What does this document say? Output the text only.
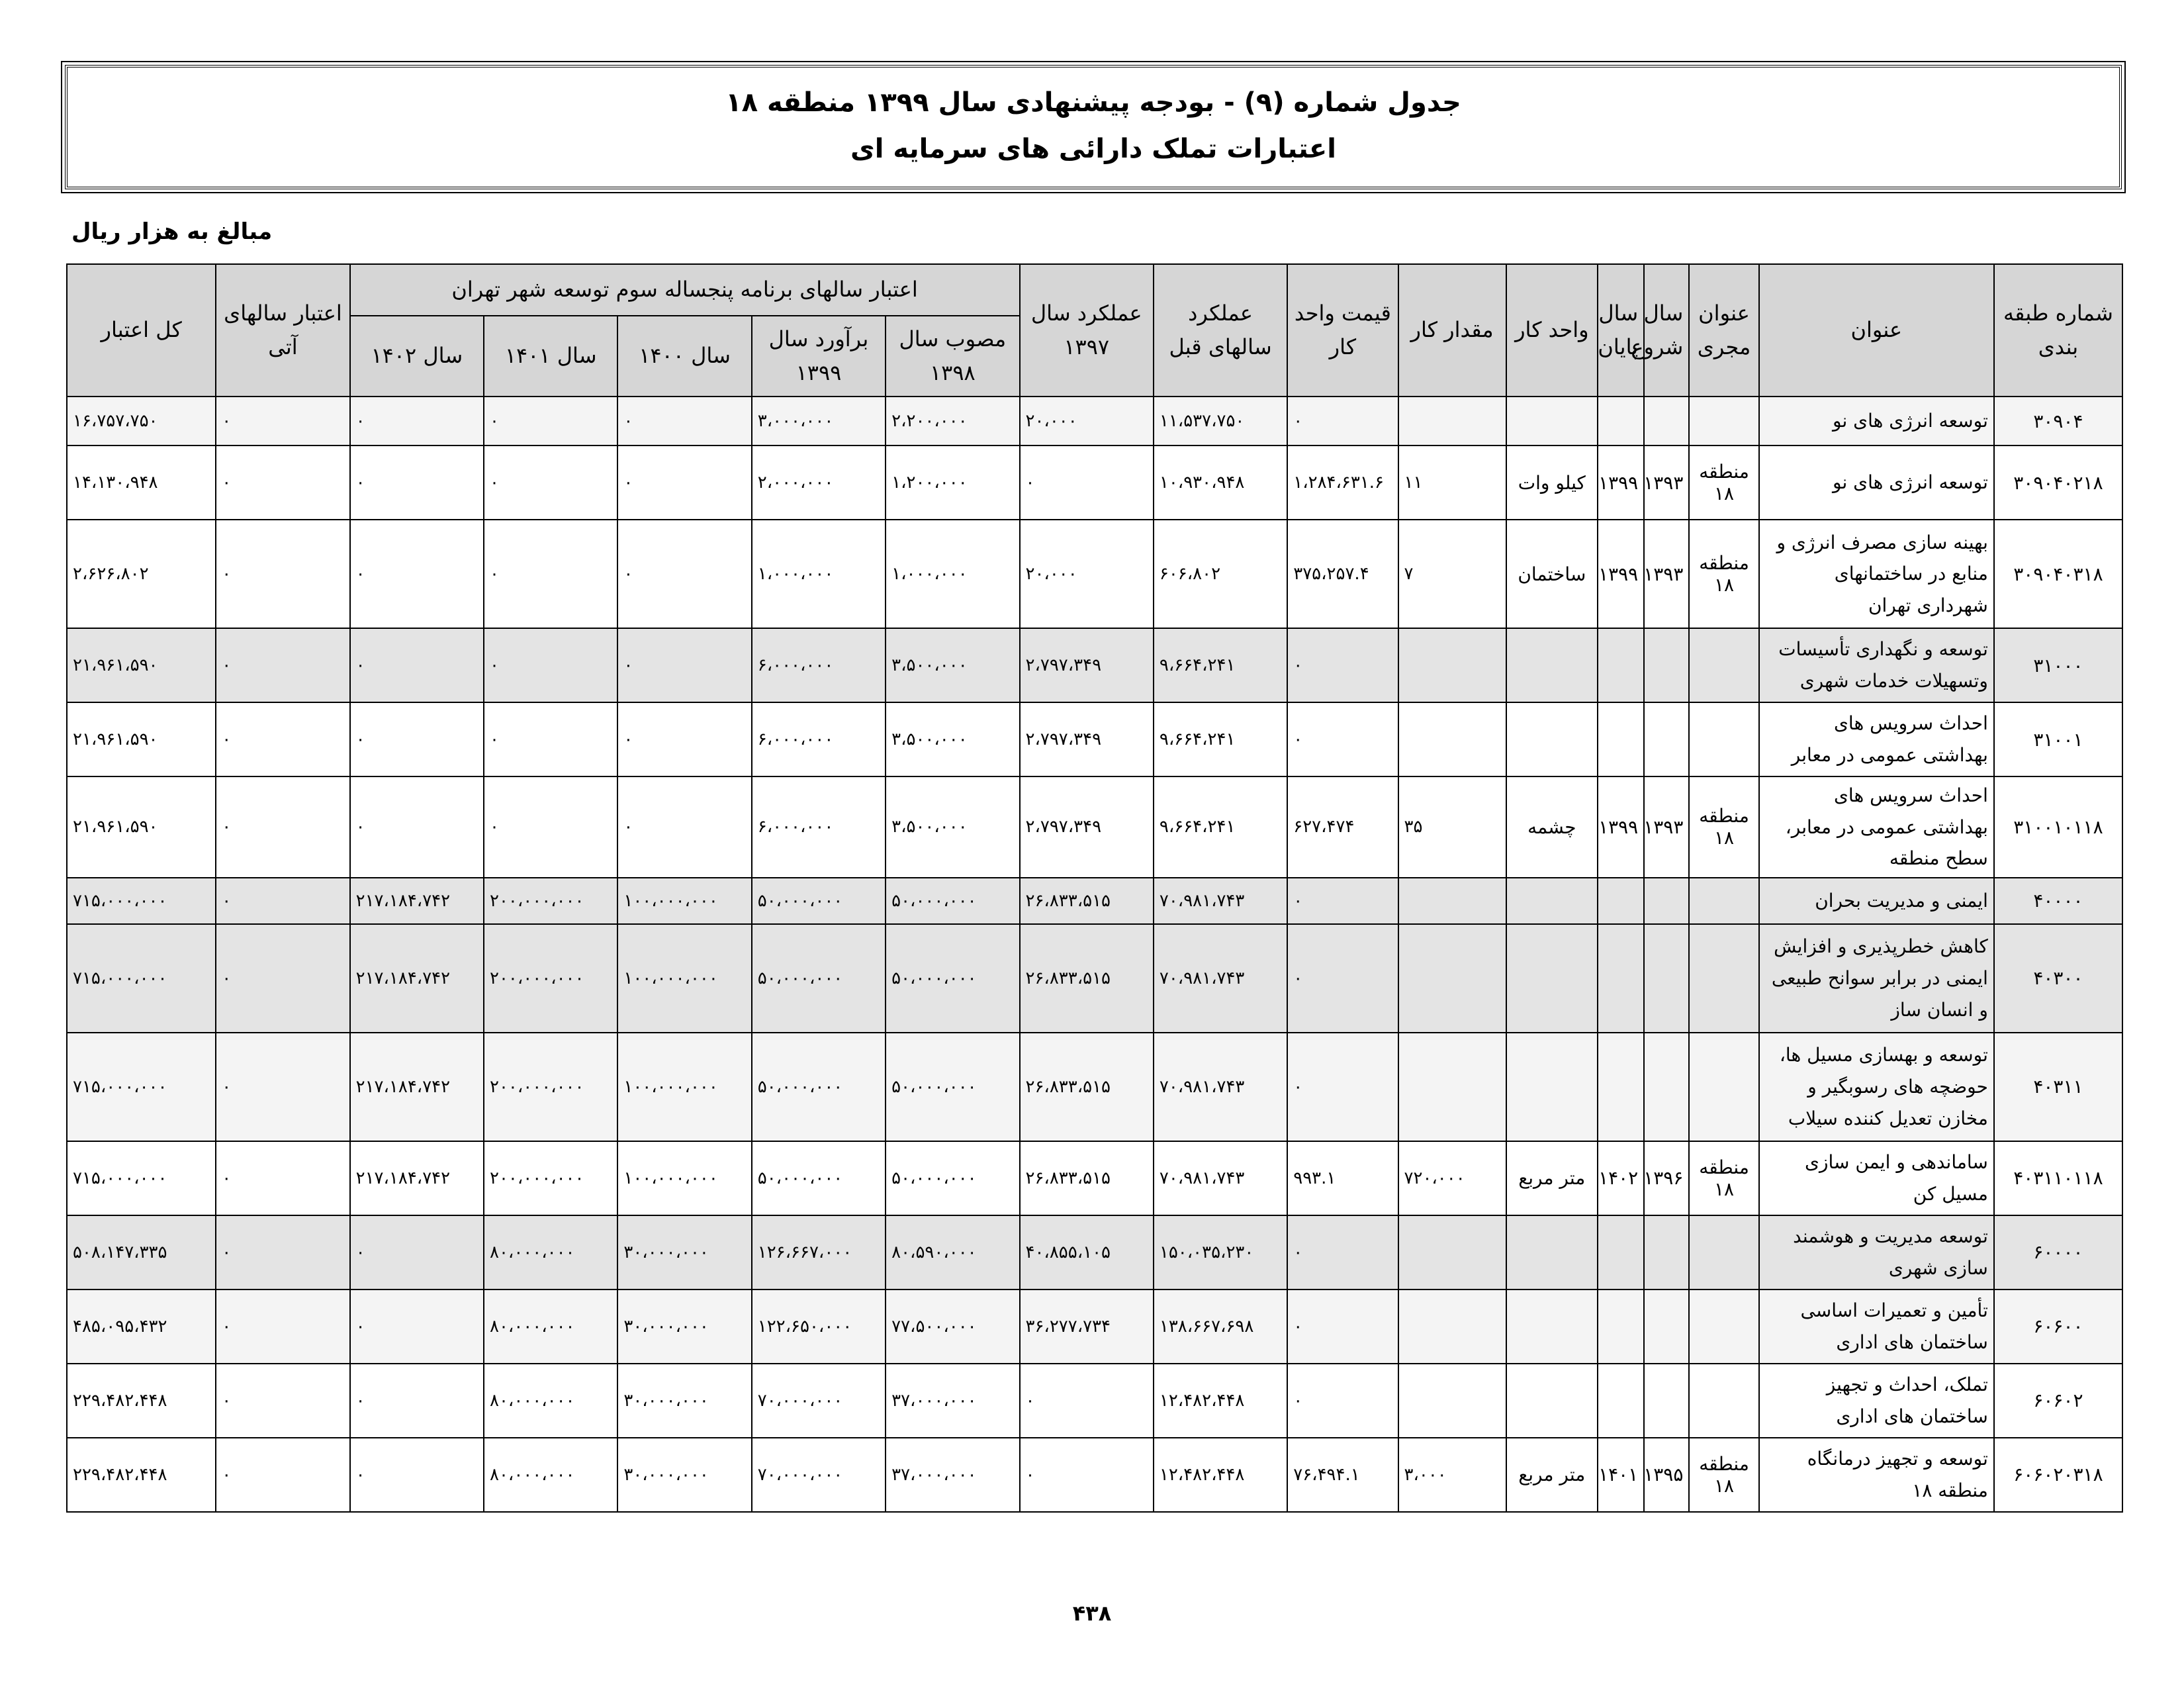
جدول شماره (۹) - بودجه پیشنهادی سال ۱۳۹۹ منطقه ۱۸
اعتبارات تملک دارائی های سرمایه ای
مبالغ به هزار ریال
شماره طبقه بندی	عنوان	عنوان مجری	سال شروع	سال پایان	واحد کار	مقدار کار	قیمت واحد کار	عملکرد سالهای قبل	عملکرد سال ۱۳۹۷	اعتبار سالهای برنامه پنجساله سوم توسعه شهر تهران					اعتبار سالهای آتی	کل اعتبار
										مصوب سال ۱۳۹۸	برآورد سال ۱۳۹۹	سال ۱۴۰۰	سال ۱۴۰۱	سال ۱۴۰۲		
۳۰۹۰۴	توسعه انرژی های نو						۰	۱۱،۵۳۷،۷۵۰	۲۰،۰۰۰	۲،۲۰۰،۰۰۰	۳،۰۰۰،۰۰۰	۰	۰	۰	۰	۱۶،۷۵۷،۷۵۰
۳۰۹۰۴۰۲۱۸	توسعه انرژی های نو	منطقه ۱۸	۱۳۹۳	۱۳۹۹	کیلو وات	۱۱	۱،۲۸۴،۶۳۱.۶	۱۰،۹۳۰،۹۴۸	۰	۱،۲۰۰،۰۰۰	۲،۰۰۰،۰۰۰	۰	۰	۰	۰	۱۴،۱۳۰،۹۴۸
۳۰۹۰۴۰۳۱۸	بهینه سازی مصرف انرژی و منابع در ساختمانهای شهرداری تهران	منطقه ۱۸	۱۳۹۳	۱۳۹۹	ساختمان	۷	۳۷۵،۲۵۷.۴	۶۰۶،۸۰۲	۲۰،۰۰۰	۱،۰۰۰،۰۰۰	۱،۰۰۰،۰۰۰	۰	۰	۰	۰	۲،۶۲۶،۸۰۲
۳۱۰۰۰	توسعه و نگهداری تأسیسات وتسهیلات خدمات شهری						۰	۹،۶۶۴،۲۴۱	۲،۷۹۷،۳۴۹	۳،۵۰۰،۰۰۰	۶،۰۰۰،۰۰۰	۰	۰	۰	۰	۲۱،۹۶۱،۵۹۰
۳۱۰۰۱	احداث سرویس های بهداشتی عمومی در معابر						۰	۹،۶۶۴،۲۴۱	۲،۷۹۷،۳۴۹	۳،۵۰۰،۰۰۰	۶،۰۰۰،۰۰۰	۰	۰	۰	۰	۲۱،۹۶۱،۵۹۰
۳۱۰۰۱۰۱۱۸	احداث سرویس های بهداشتی عمومی در معابر، سطح منطقه	منطقه ۱۸	۱۳۹۳	۱۳۹۹	چشمه	۳۵	۶۲۷،۴۷۴	۹،۶۶۴،۲۴۱	۲،۷۹۷،۳۴۹	۳،۵۰۰،۰۰۰	۶،۰۰۰،۰۰۰	۰	۰	۰	۰	۲۱،۹۶۱،۵۹۰
۴۰۰۰۰	ایمنی و مدیریت بحران						۰	۷۰،۹۸۱،۷۴۳	۲۶،۸۳۳،۵۱۵	۵۰،۰۰۰،۰۰۰	۵۰،۰۰۰،۰۰۰	۱۰۰،۰۰۰،۰۰۰	۲۰۰،۰۰۰،۰۰۰	۲۱۷،۱۸۴،۷۴۲	۰	۷۱۵،۰۰۰،۰۰۰
۴۰۳۰۰	کاهش خطرپذیری و افزایش ایمنی در برابر سوانح طبیعی و انسان ساز						۰	۷۰،۹۸۱،۷۴۳	۲۶،۸۳۳،۵۱۵	۵۰،۰۰۰،۰۰۰	۵۰،۰۰۰،۰۰۰	۱۰۰،۰۰۰،۰۰۰	۲۰۰،۰۰۰،۰۰۰	۲۱۷،۱۸۴،۷۴۲	۰	۷۱۵،۰۰۰،۰۰۰
۴۰۳۱۱	توسعه و بهسازی مسیل ها، حوضچه های رسوبگیر و مخازن تعدیل کننده سیلاب						۰	۷۰،۹۸۱،۷۴۳	۲۶،۸۳۳،۵۱۵	۵۰،۰۰۰،۰۰۰	۵۰،۰۰۰،۰۰۰	۱۰۰،۰۰۰،۰۰۰	۲۰۰،۰۰۰،۰۰۰	۲۱۷،۱۸۴،۷۴۲	۰	۷۱۵،۰۰۰،۰۰۰
۴۰۳۱۱۰۱۱۸	ساماندهی و ایمن سازی مسیل کن	منطقه ۱۸	۱۳۹۶	۱۴۰۲	متر مربع	۷۲۰،۰۰۰	۹۹۳.۱	۷۰،۹۸۱،۷۴۳	۲۶،۸۳۳،۵۱۵	۵۰،۰۰۰،۰۰۰	۵۰،۰۰۰،۰۰۰	۱۰۰،۰۰۰،۰۰۰	۲۰۰،۰۰۰،۰۰۰	۲۱۷،۱۸۴،۷۴۲	۰	۷۱۵،۰۰۰،۰۰۰
۶۰۰۰۰	توسعه مدیریت و هوشمند سازی شهری						۰	۱۵۰،۰۳۵،۲۳۰	۴۰،۸۵۵،۱۰۵	۸۰،۵۹۰،۰۰۰	۱۲۶،۶۶۷،۰۰۰	۳۰،۰۰۰،۰۰۰	۸۰،۰۰۰،۰۰۰	۰	۰	۵۰۸،۱۴۷،۳۳۵
۶۰۶۰۰	تأمین و تعمیرات اساسی ساختمان های اداری						۰	۱۳۸،۶۶۷،۶۹۸	۳۶،۲۷۷،۷۳۴	۷۷،۵۰۰،۰۰۰	۱۲۲،۶۵۰،۰۰۰	۳۰،۰۰۰،۰۰۰	۸۰،۰۰۰،۰۰۰	۰	۰	۴۸۵،۰۹۵،۴۳۲
۶۰۶۰۲	تملک، احداث و تجهیز ساختمان های اداری						۰	۱۲،۴۸۲،۴۴۸	۰	۳۷،۰۰۰،۰۰۰	۷۰،۰۰۰،۰۰۰	۳۰،۰۰۰،۰۰۰	۸۰،۰۰۰،۰۰۰	۰	۰	۲۲۹،۴۸۲،۴۴۸
۶۰۶۰۲۰۳۱۸	توسعه و تجهیز درمانگاه منطقه ۱۸	منطقه ۱۸	۱۳۹۵	۱۴۰۱	متر مربع	۳،۰۰۰	۷۶،۴۹۴.۱	۱۲،۴۸۲،۴۴۸	۰	۳۷،۰۰۰،۰۰۰	۷۰،۰۰۰،۰۰۰	۳۰،۰۰۰،۰۰۰	۸۰،۰۰۰،۰۰۰	۰	۰	۲۲۹،۴۸۲،۴۴۸
۴۳۸
